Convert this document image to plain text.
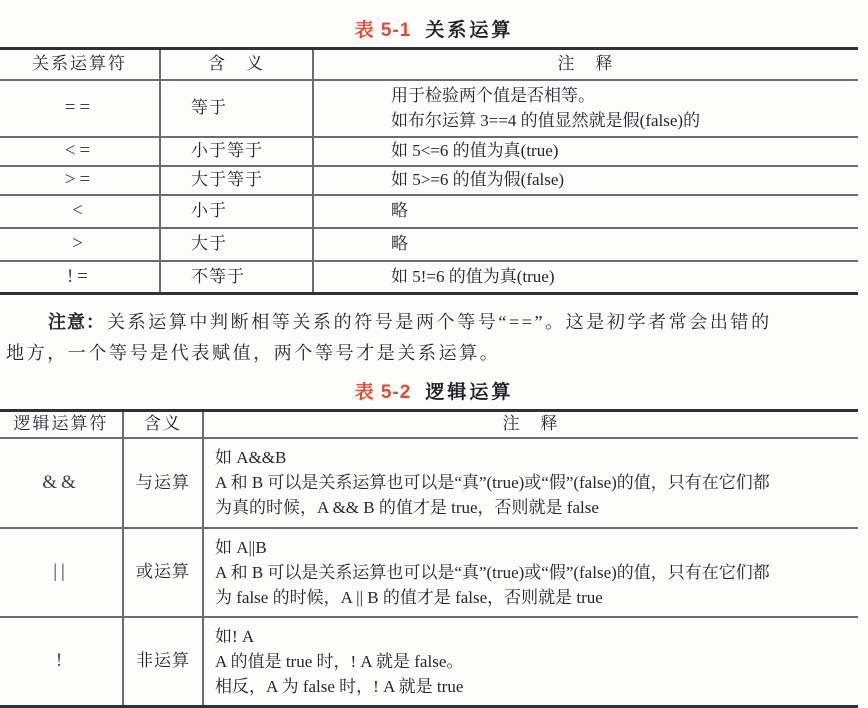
表 5-1 关系运算
关系运算符	含　义	注　释
==	等于	用于检验两个值是否相等。
如布尔运算 3==4 的值显然就是假(false)的

<=	小于等于	如 5<=6 的值为真(true)
>=	大于等于	如 5>=6 的值为假(false)
<	小于	略
>	大于	略
!=	不等于	如 5!=6 的值为真(true)
注意： 关系运算中判断相等关系的符号是两个等号“==”。这是初学者常会出错的
地方，一个等号是代表赋值，两个等号才是关系运算。
表 5-2 逻辑运算
逻辑运算符	含义	注　释
&&	与运算	如 A&&B
A 和 B 可以是关系运算也可以是“真”(true)或“假”(false)的值，只有在它们都
为真的时候，A && B 的值才是 true，否则就是 false

||	或运算	如 A||B
A 和 B 可以是关系运算也可以是“真”(true)或“假”(false)的值，只有在它们都
为 false 的时候，A || B 的值才是 false，否则就是 true

!	非运算	如! A
A 的值是 true 时，! A 就是 false。
相反，A 为 false 时，! A 就是 true
